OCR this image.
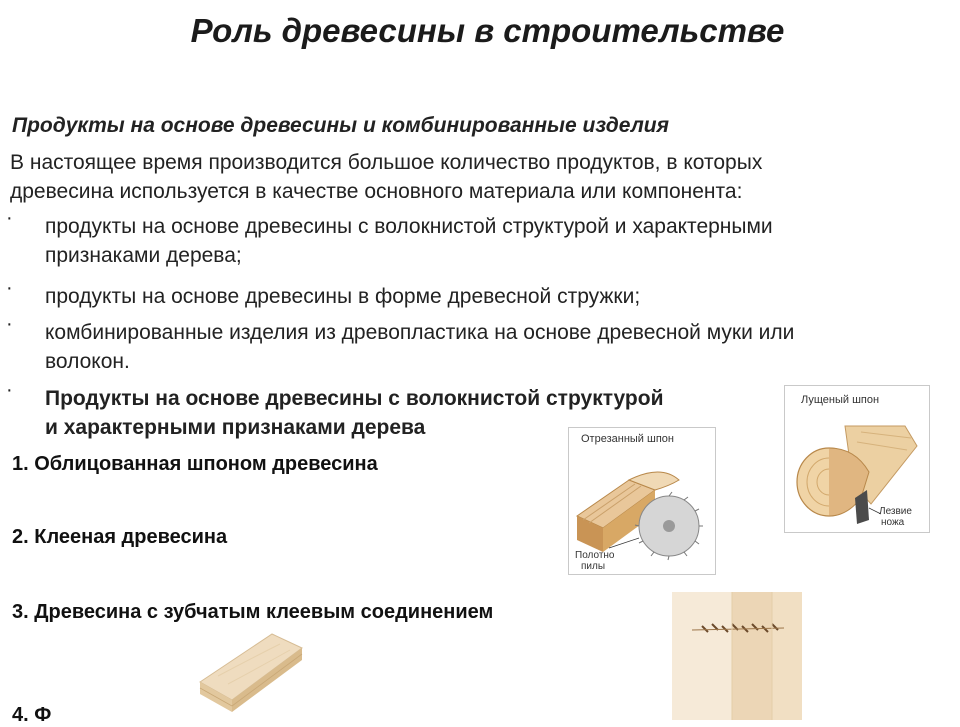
Роль древесины в строительстве
Продукты на основе древесины и комбинированные изделия
В настоящее время производится большое количество продуктов, в которых
древесина используется в качестве основного материала или компонента:
· продукты на основе древесины с волокнистой структурой и характерными
признаками дерева;
· продукты на основе древесины в форме древесной стружки;
· комбинированные изделия из древопластика на основе древесной муки или
волокон.
· Продукты на основе древесины с волокнистой структурой
и характерными признаками дерева
1. Облицованная шпоном древесина
2. Клееная древесина
3. Древесина с зубчатым клеевым соединением
4. Ф
Отрезанный шпон
Полотно
пилы
Лущеный шпон
Лезвие
ножа
